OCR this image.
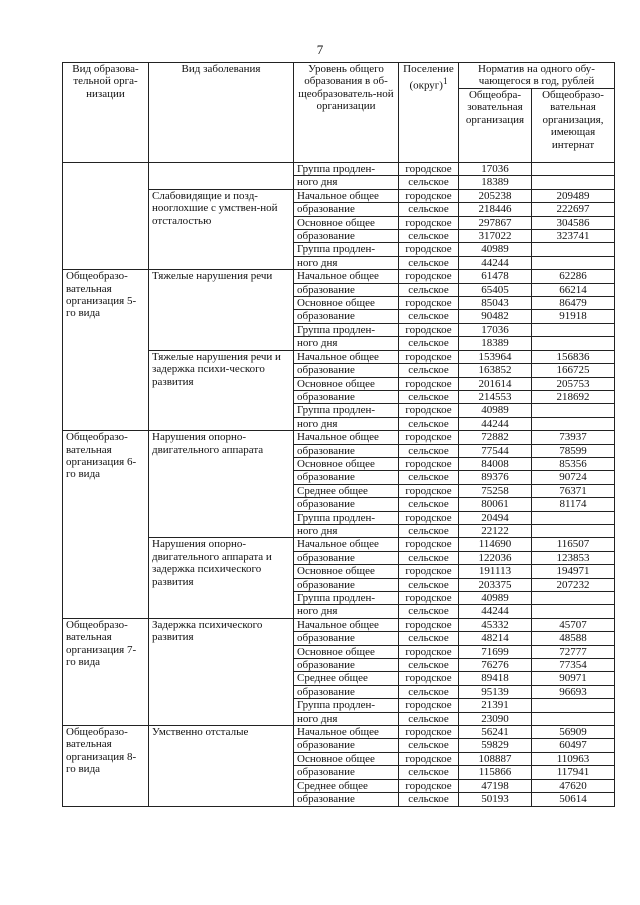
7
Вид образова-тельной орга-низации	Вид заболевания	Уровень общего образования в об-щеобразователь-ной организации	Поселение (округ)$^1$	Норматив на одного обу-чающегося в год, рублей	
				Общеобра-зовательная организация	Общеобразо-вательная организация, имеющая интернат
		Группа продлен-	городское	17036	
		ного дня	сельское	18389	
	Слабовидящие и позд-нооглохшие с умствен-ной отсталостью	Начальное общее	городское	205238	209489
		образование	сельское	218446	222697
		Основное общее	городское	297867	304586
		образование	сельское	317022	323741
		Группа продлен-	городское	40989	
		ного дня	сельское	44244	
Общеобразо-вательная организация 5-го вида	Тяжелые нарушения речи	Начальное общее	городское	61478	62286
		образование	сельское	65405	66214
		Основное общее	городское	85043	86479
		образование	сельское	90482	91918
		Группа продлен-	городское	17036	
		ного дня	сельское	18389	
	Тяжелые нарушения речи и задержка психи-ческого развития	Начальное общее	городское	153964	156836
		образование	сельское	163852	166725
		Основное общее	городское	201614	205753
		образование	сельское	214553	218692
		Группа продлен-	городское	40989	
		ного дня	сельское	44244	
Общеобразо-вательная организация 6-го вида	Нарушения опорно-двигательного аппарата	Начальное общее	городское	72882	73937
		образование	сельское	77544	78599
		Основное общее	городское	84008	85356
		образование	сельское	89376	90724
		Среднее общее	городское	75258	76371
		образование	сельское	80061	81174
		Группа продлен-	городское	20494	
		ного дня	сельское	22122	
	Нарушения опорно-двигательного аппарата и задержка психического развития	Начальное общее	городское	114690	116507
		образование	сельское	122036	123853
		Основное общее	городское	191113	194971
		образование	сельское	203375	207232
		Группа продлен-	городское	40989	
		ного дня	сельское	44244	
Общеобразо-вательная организация 7-го вида	Задержка психического развития	Начальное общее	городское	45332	45707
		образование	сельское	48214	48588
		Основное общее	городское	71699	72777
		образование	сельское	76276	77354
		Среднее общее	городское	89418	90971
		образование	сельское	95139	96693
		Группа продлен-	городское	21391	
		ного дня	сельское	23090	
Общеобразо-вательная организация 8-го вида	Умственно отсталые	Начальное общее	городское	56241	56909
		образование	сельское	59829	60497
		Основное общее	городское	108887	110963
		образование	сельское	115866	117941
		Среднее общее	городское	47198	47620
		образование	сельское	50193	50614
